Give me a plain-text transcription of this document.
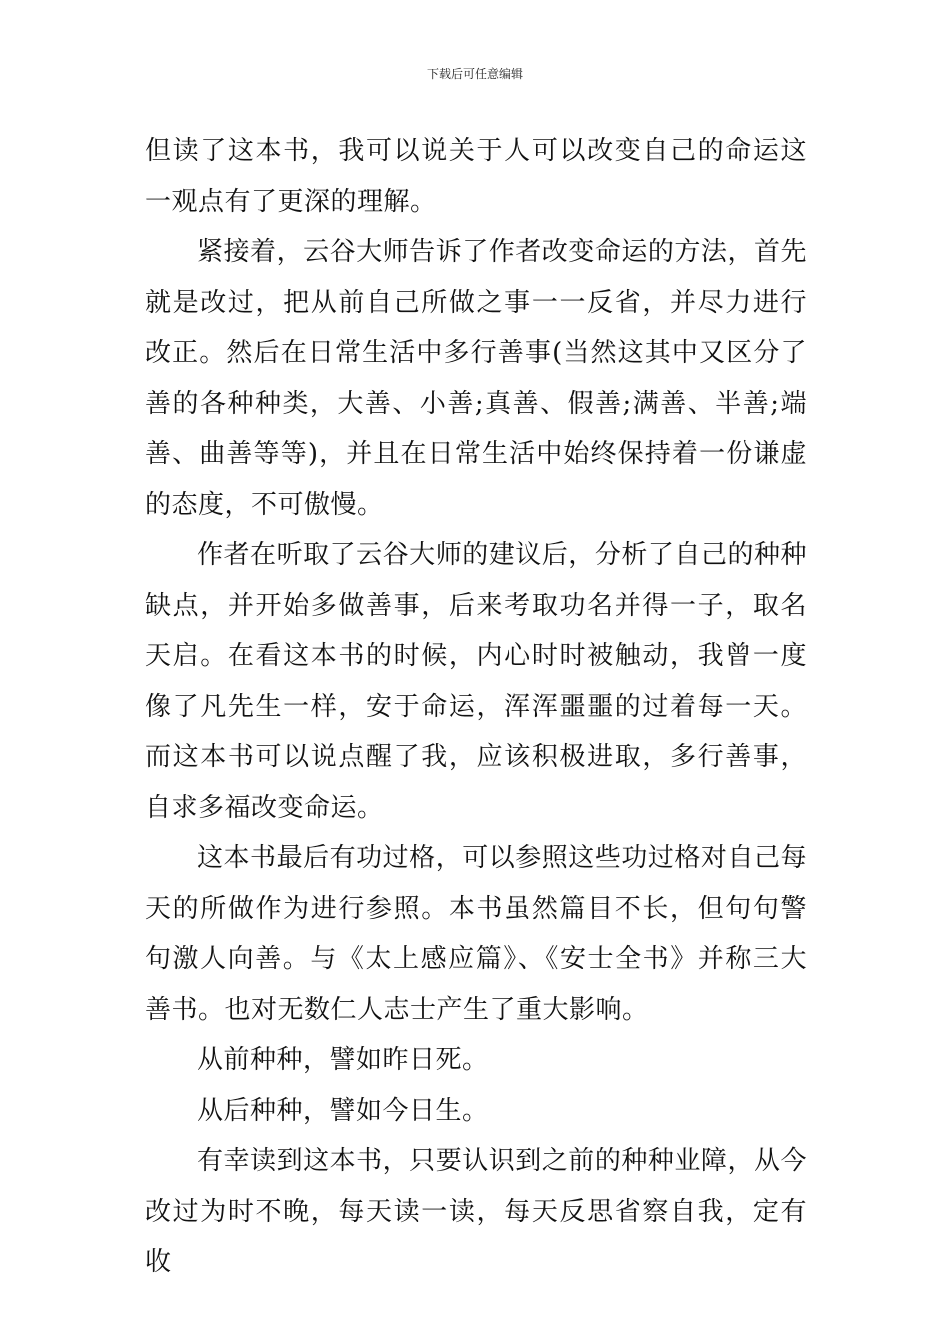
下载后可任意编辑

但读了这本书，我可以说关于人可以改变自己的命运这一观点有了更深的理解。

紧接着，云谷大师告诉了作者改变命运的方法，首先就是改过，把从前自己所做之事一一反省，并尽力进行改正。然后在日常生活中多行善事(当然这其中又区分了善的各种种类，大善、小善;真善、假善;满善、半善;端善、曲善等等)，并且在日常生活中始终保持着一份谦虚的态度，不可傲慢。

作者在听取了云谷大师的建议后，分析了自己的种种缺点，并开始多做善事，后来考取功名并得一子，取名天启。在看这本书的时候，内心时时被触动，我曾一度像了凡先生一样，安于命运，浑浑噩噩的过着每一天。而这本书可以说点醒了我，应该积极进取，多行善事，自求多福改变命运。

这本书最后有功过格，可以参照这些功过格对自己每天的所做作为进行参照。本书虽然篇目不长，但句句警句激人向善。与《太上感应篇》、《安士全书》并称三大善书。也对无数仁人志士产生了重大影响。

从前种种，譬如昨日死。

从后种种，譬如今日生。

有幸读到这本书，只要认识到之前的种种业障，从今改过为时不晚，每天读一读，每天反思省察自我，定有收
